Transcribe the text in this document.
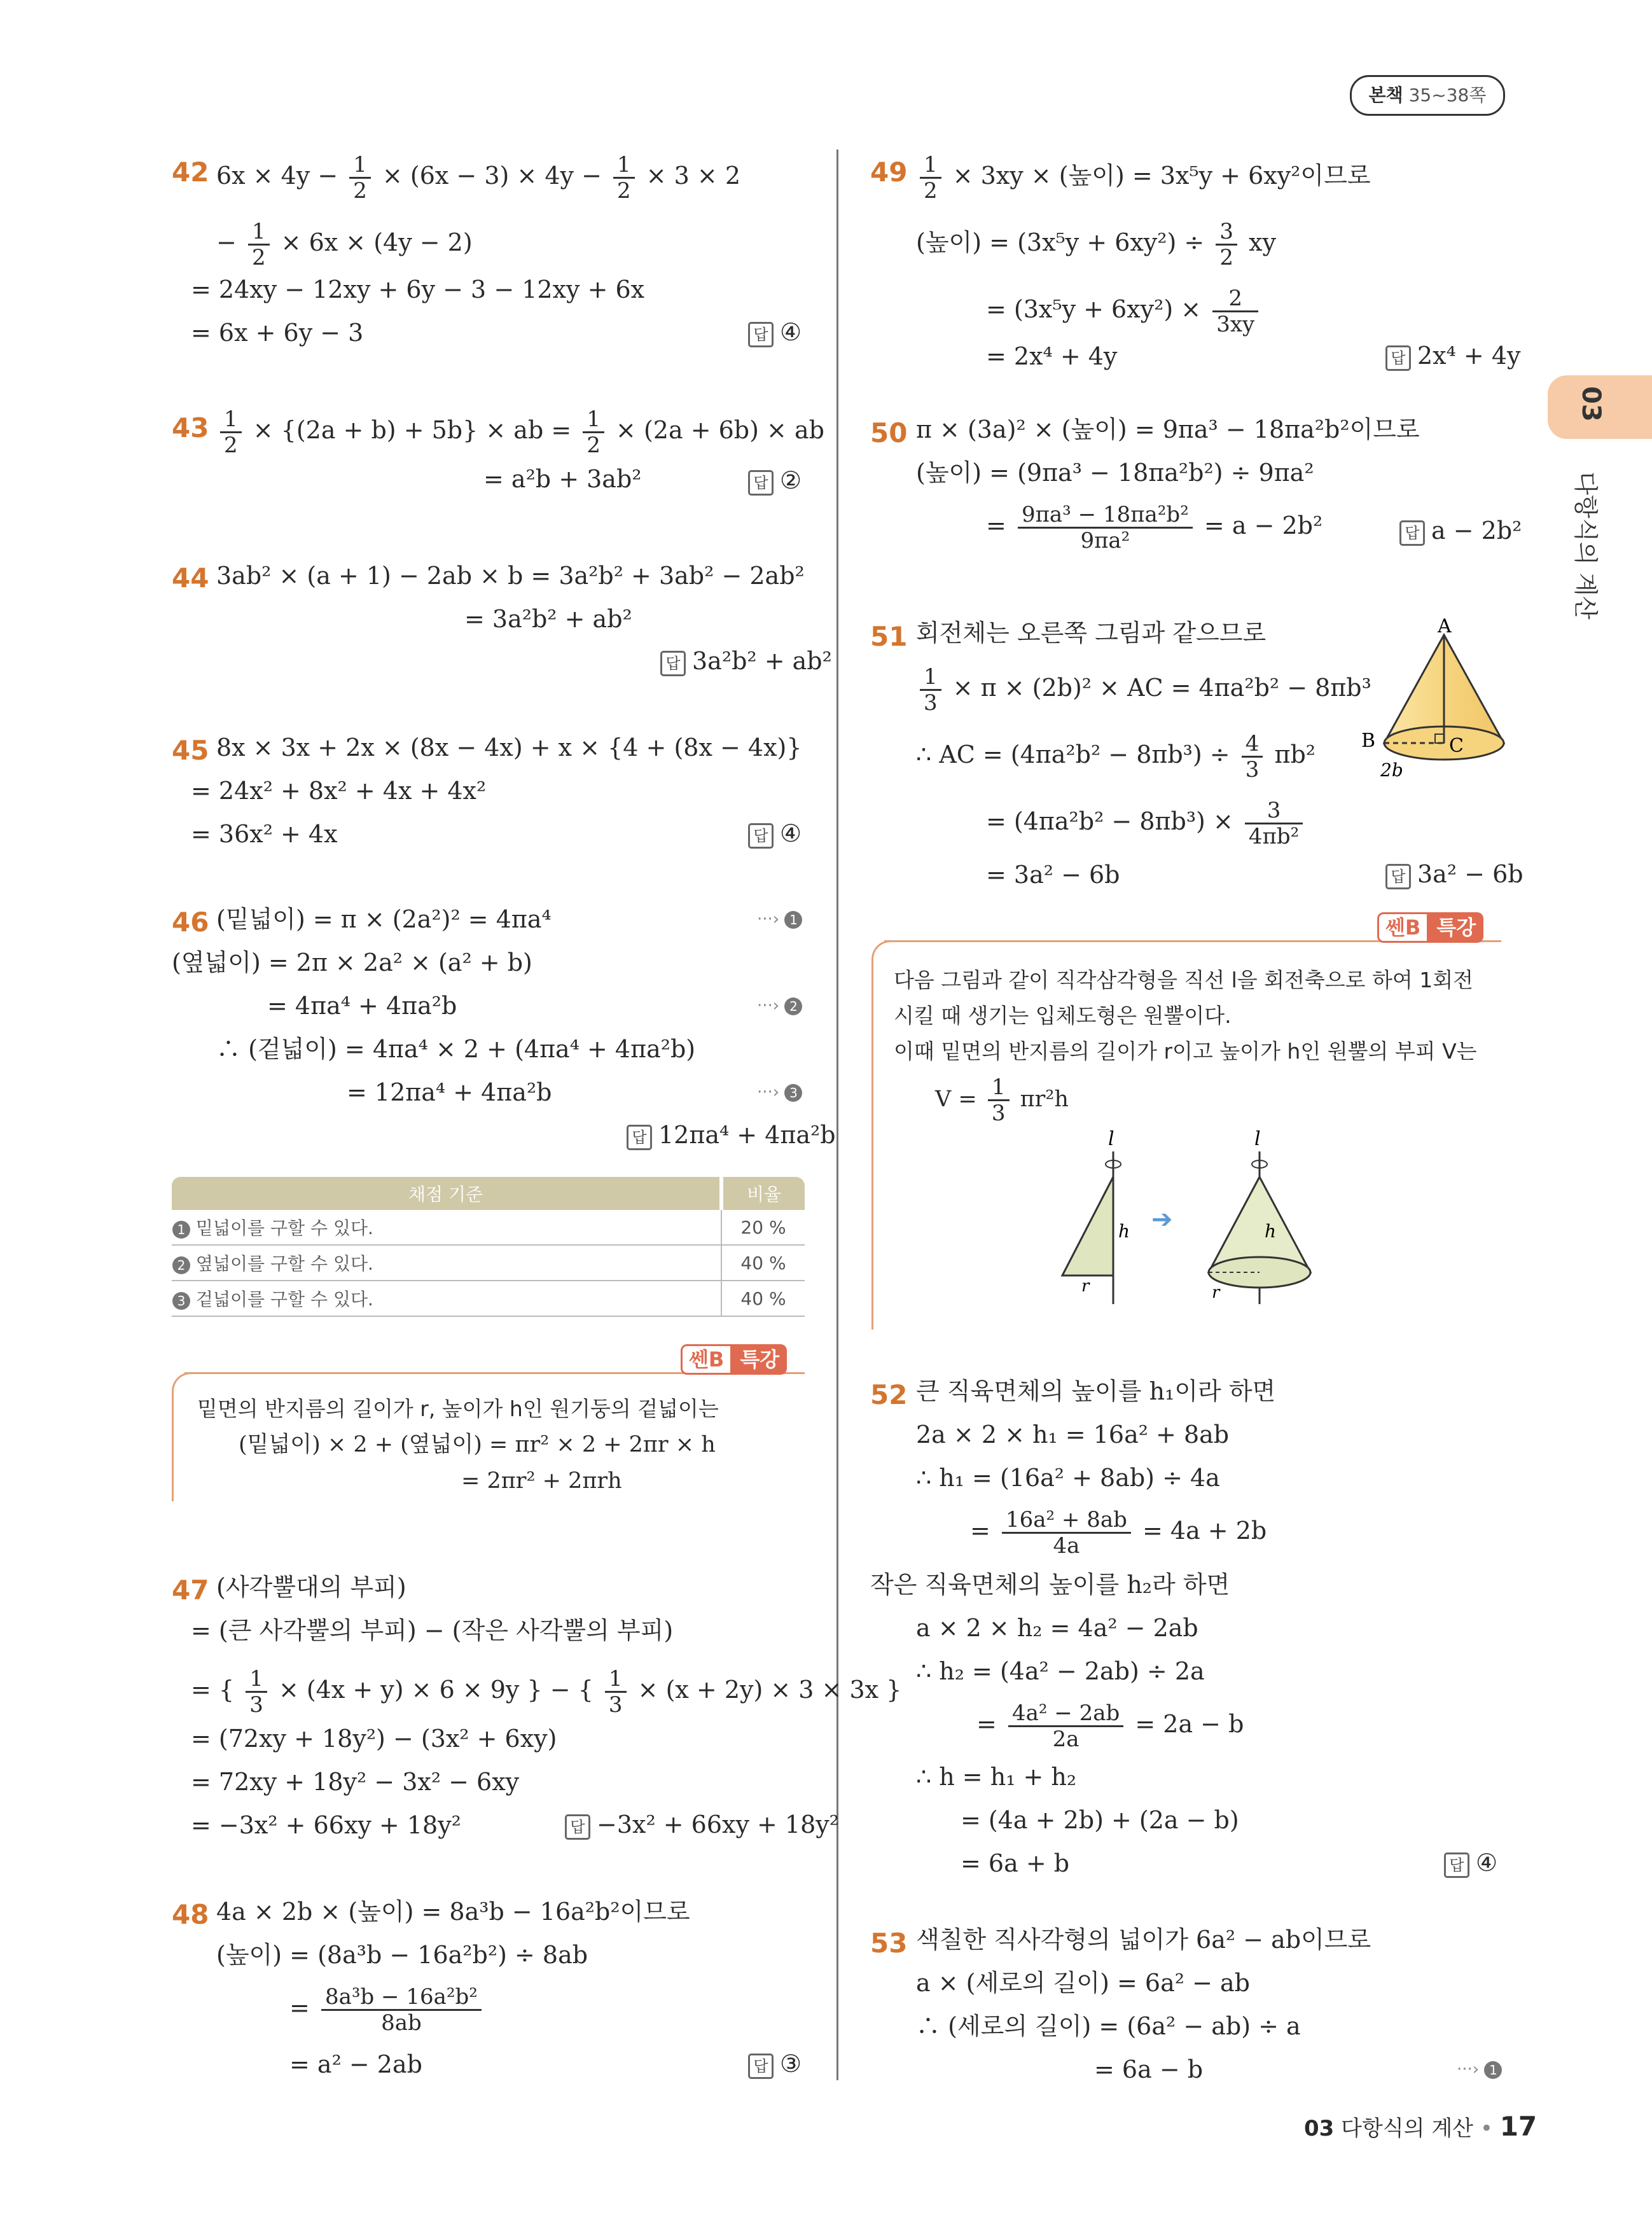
본책 35~38쪽
03
다항식의 계산
42 $6x \times 4y - \frac{1}{2} \times (6x - 3) \times 4y - \frac{1}{2} \times 3 \times 2$
− $\frac{1}{2} \times 6x \times (4y - 2)$
= 24xy − 12xy + 6y − 3 − 12xy + 6x
= 6x + 6y − 3	답 ④
$43 \frac{1}{2} \times \{(2a + b) + 5b\}$ × ab = $\frac{1}{2} \times (2a + 6b)$ × ab
= a²b + 3ab²	답 ②
44 3ab² × (a + 1) − 2ab × b = 3a²b² + 3ab² − 2ab²
= 3a²b² + ab²
답 3a²b² + ab²
45 8x × 3x + 2x × (8x − 4x) + x × {4 + (8x − 4x)}
= 24x² + 8x² + 4x + 4x²
= 36x² + 4x	답 ④
46 (밑넓이) = π × (2a²)² = 4πa⁴
(옆넓이) = 2π × 2a² × (a² + b)
= 4πa⁴ + 4πa²b
∴ (겉넓이) = 4πa⁴ × 2 + (4πa⁴ + 4πa²b)
= 12πa⁴ + 4πa²b
···› 1
···› 2
···› 3
답 12πa⁴ + 4πa²b
채점 기준	비율
1 밑넓이를 구할 수 있다.	20 %
2 옆넓이를 구할 수 있다.	40 %
3 겉넓이를 구할 수 있다.	40 %
쎈B 특강
밑면의 반지름의 길이가 r, 높이가 h인 원기둥의 겉넓이는
(밑넓이) × 2 + (옆넓이) = πr² × 2 + 2πr × h
= 2πr² + 2πrh
47 (사각뿔대의 부피)
= (큰 사각뿔의 부피) − (작은 사각뿔의 부피)
= { $\frac{1}{3} \times (4x + y) \times 6 \times 9y$ } − { $\frac{1}{3} \times (x + 2y) \times 3 \times 3x$ }
= (72xy + 18y²) − (3x² + 6xy)
= 72xy + 18y² − 3x² − 6xy
= −3x² + 66xy + 18y²	답 −3x² + 66xy + 18y²
48 4a × 2b × (높이) = 8a³b − 16a²b²이므로
(높이) = (8a³b − 16a²b²) ÷ 8ab
= $\frac{\text{8a³b − 16a²b²}}{8ab}$
= a² − 2ab	답 ③
$49 \frac{1}{2} \times 3xy$ × (높이) = 3x⁵y + 6xy²이므로
(높이) = $(3x^5y + 6xy^2) \div \frac{3}{2}$ xy
= $(3x^5y + 6xy^2) \times \frac{2}{3xy}$
= 2x⁴ + 4y	답 2x⁴ + 4y
50 π × (3a)² × (높이) = 9πa³ − 18πa²b²이므로
(높이) = (9πa³ − 18πa²b²) ÷ 9πa²
= $\frac{\text{9πa³ − 18πa²b²}}{\text{9πa²}} = a - 2b^2$	답 a − 2b²
51 회전체는 오른쪽 그림과 같으므로
$\frac{1}{3} \times \pi \times (2b)^2$ × AC = 4πa²b² − 8πb³
∴ AC = $(4\pi a^2b^2 - 8\pi b^3) \div \frac{4}{3} \pi b^2$
= $(4\pi a^2b^2 - 8\pi b^3) \times \frac{3}{\text{4πb²}}$
= 3a² − 6b	답 3a² − 6b
A
B	C
2b
쎈B 특강
다음 그림과 같이 직각삼각형을 직선 l을 회전축으로 하여 1회전
시킬 때 생기는 입체도형은 원뿔이다.
이때 밑면의 반지름의 길이가 r이고 높이가 h인 원뿔의 부피 V는
$V = \frac{1}{3} \pi r^2h$
l
h
r
➔
l
h
r
52 큰 직육면체의 높이를 h₁이라 하면
2a × 2 × h₁ = 16a² + 8ab
∴ h₁ = (16a² + 8ab) ÷ 4a
= $\frac{\text{16a² + 8ab}}{4a} = 4a + 2b$
작은 직육면체의 높이를 h₂라 하면
a × 2 × h₂ = 4a² − 2ab
∴ h₂ = (4a² − 2ab) ÷ 2a
= $\frac{\text{4a² − 2ab}}{2a} = 2a - b$
∴ h = h₁ + h₂
= (4a + 2b) + (2a − b)
= 6a + b	답 ④
53 색칠한 직사각형의 넓이가 6a² − ab이므로
a × (세로의 길이) = 6a² − ab
∴ (세로의 길이) = (6a² − ab) ÷ a
= 6a − b	···› 1
03 다항식의 계산 • 17
